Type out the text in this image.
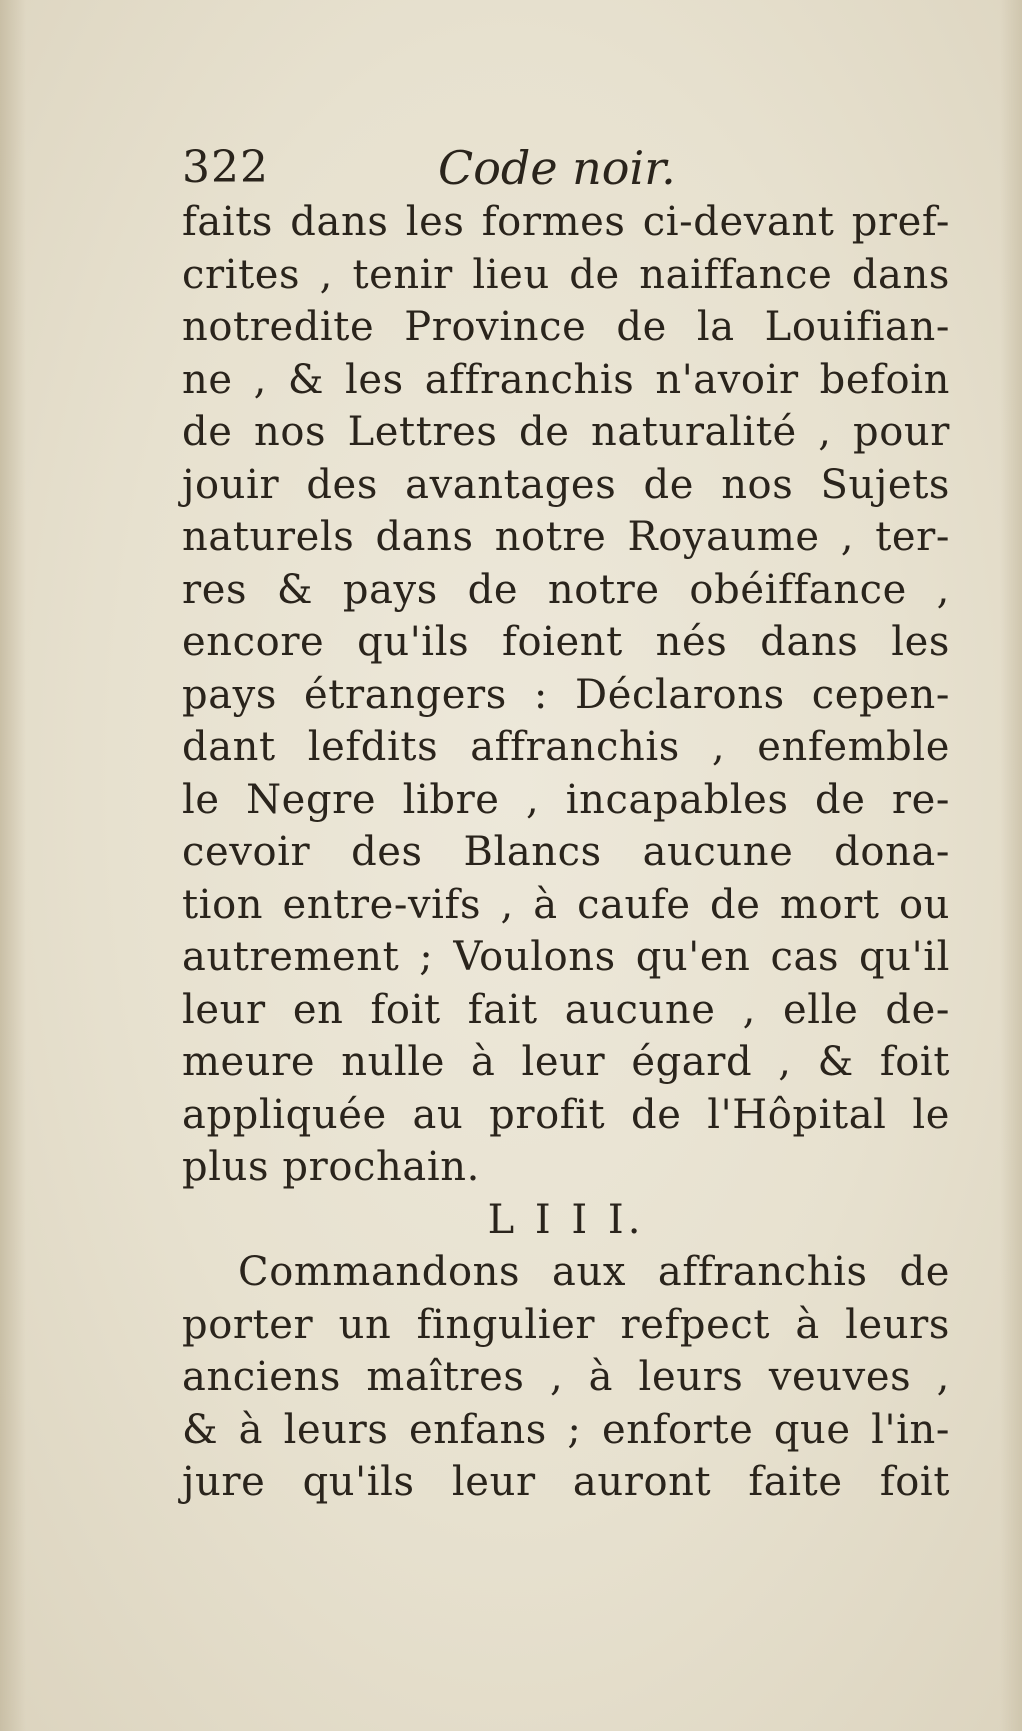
322	Code noir.
faits dans les formes ci-devant pref-
crites , tenir lieu de naiffance dans
notredite Province de la Louifian-
ne , & les affranchis n'avoir befoin
de nos Lettres de naturalité , pour
jouir des avantages de nos Sujets
naturels dans notre Royaume , ter-
res & pays de notre obéiffance ,
encore qu'ils foient nés dans les
pays étrangers : Déclarons cepen-
dant lefdits affranchis , enfemble
le Negre libre , incapables de re-
cevoir des Blancs aucune dona-
tion entre-vifs , à caufe de mort ou
autrement ; Voulons qu'en cas qu'il
leur en foit fait aucune , elle de-
meure nulle à leur égard , & foit
appliquée au profit de l'Hôpital le
plus prochain.
L I I I.
Commandons aux affranchis de
porter un fingulier refpect à leurs
anciens maîtres , à leurs veuves ,
& à leurs enfans ; enforte que l'in-
jure qu'ils leur auront faite foit
